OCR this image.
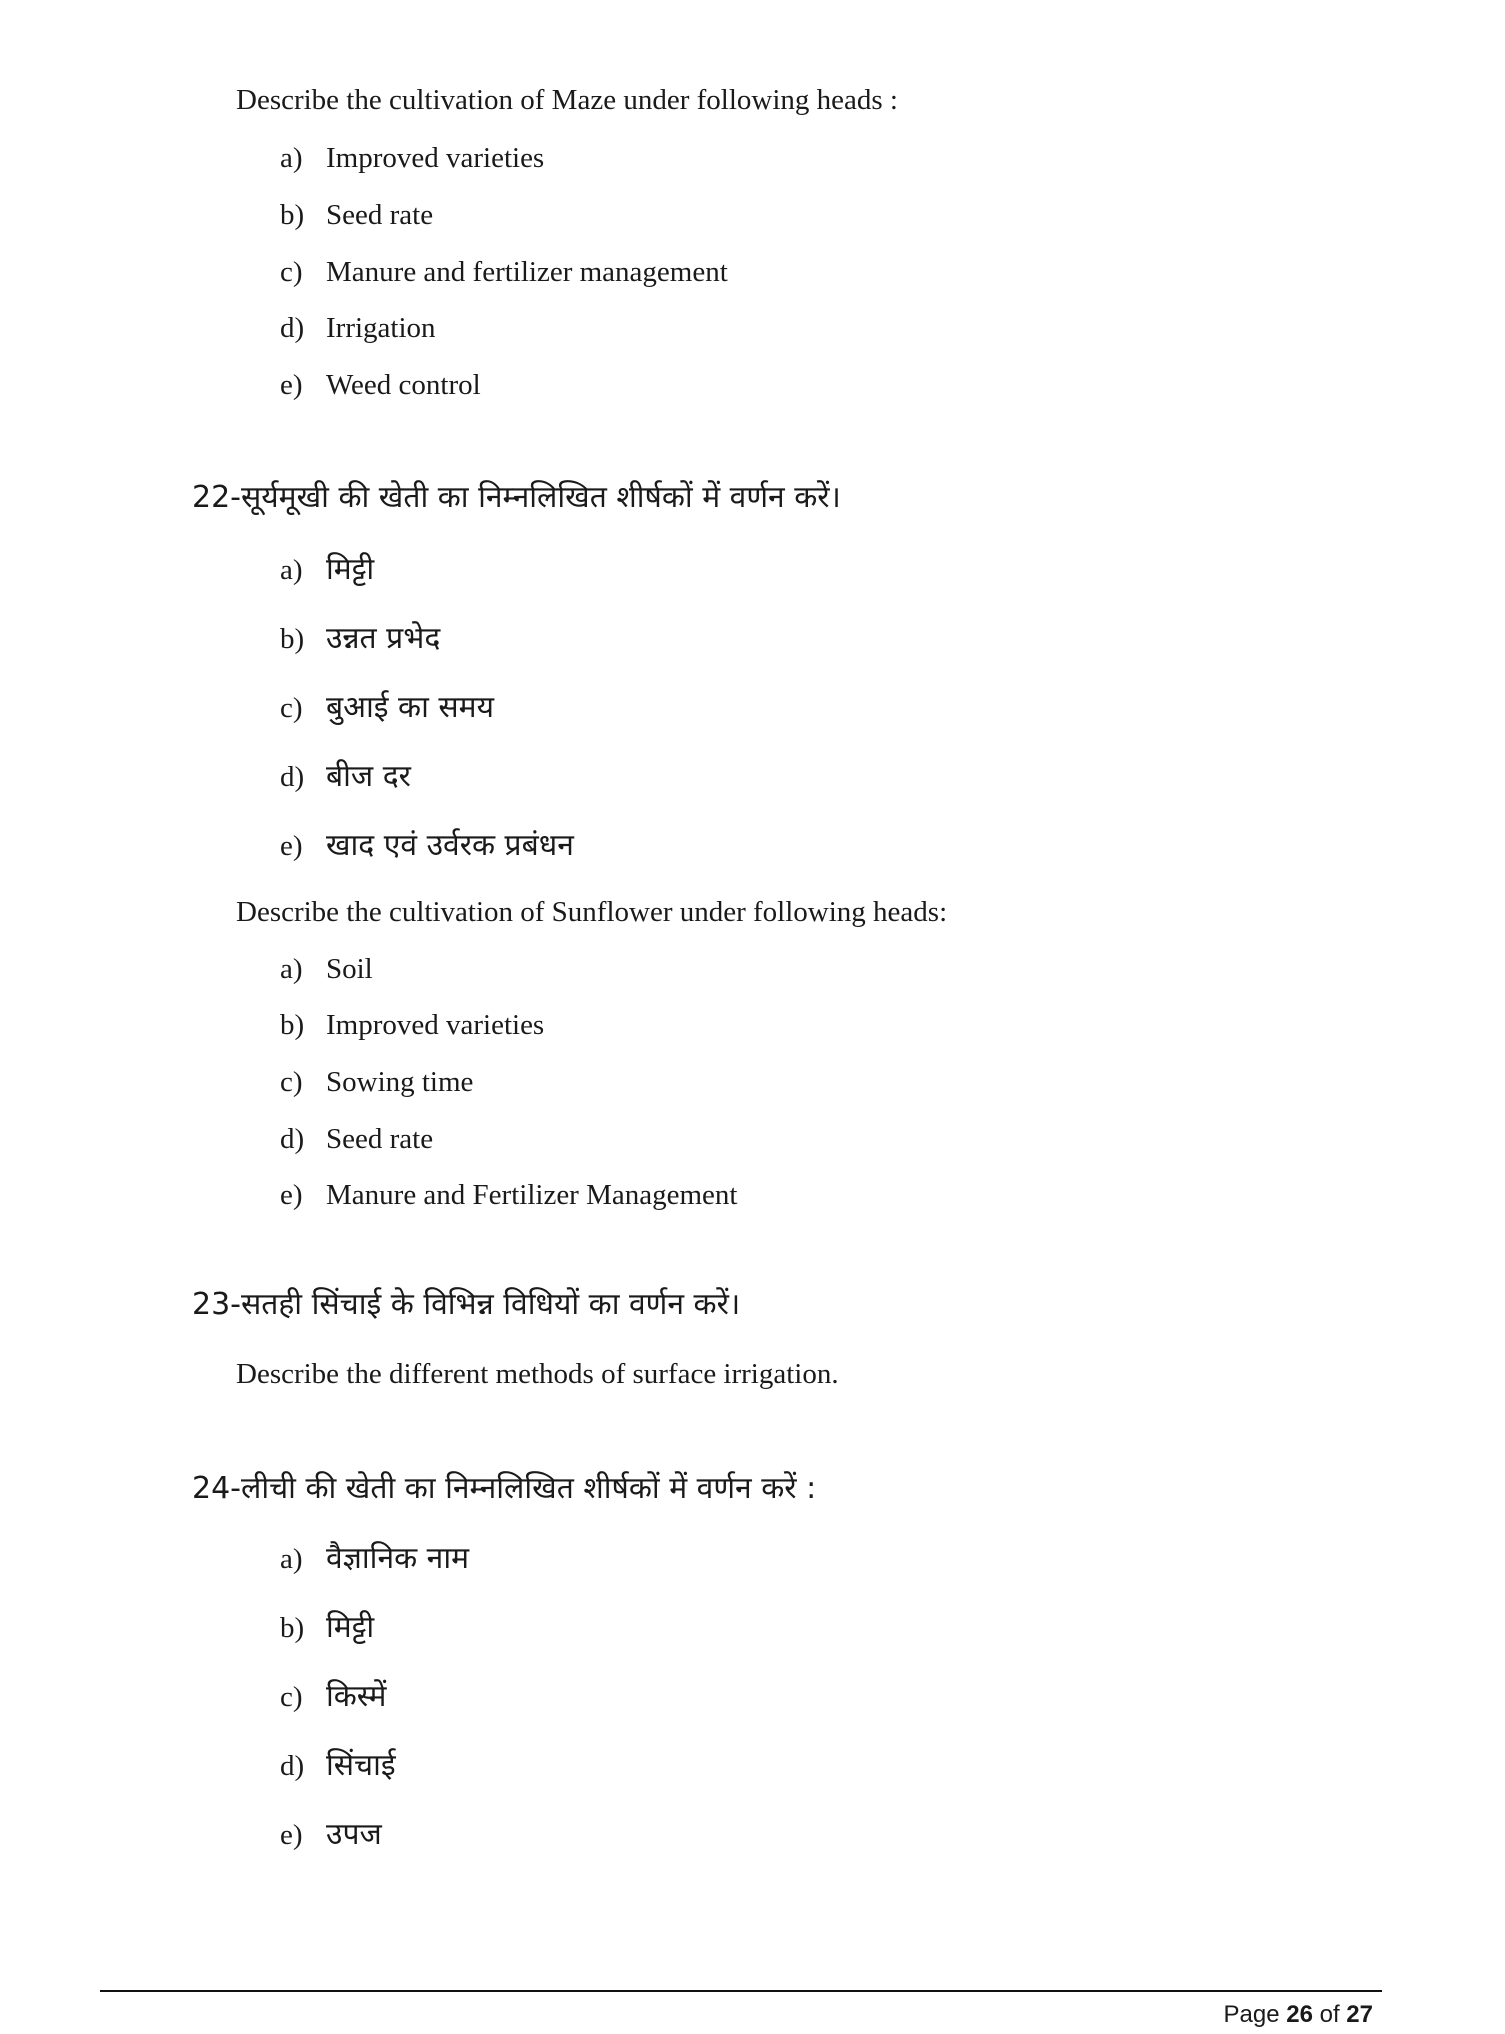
Describe the cultivation of Maze under following heads :
a) Improved varieties
b) Seed rate
c) Manure and fertilizer management
d) Irrigation
e) Weed control
22-सूर्यमूखी की खेती का निम्नलिखित शीर्षकों में वर्णन करें।
a) मिट्टी
b) उन्नत प्रभेद
c) बुआई का समय
d) बीज दर
e) खाद एवं उर्वरक प्रबंधन
Describe the cultivation of Sunflower under following heads:
a) Soil
b) Improved varieties
c) Sowing time
d) Seed rate
e) Manure and Fertilizer Management
23-सतही सिंचाई के विभिन्न विधियों का वर्णन करें।
Describe the different methods of surface irrigation.
24-लीची की खेती का निम्नलिखित शीर्षकों में वर्णन करें :
a) वैज्ञानिक नाम
b) मिट्टी
c) किस्में
d) सिंचाई
e) उपज
Page 26 of 27
